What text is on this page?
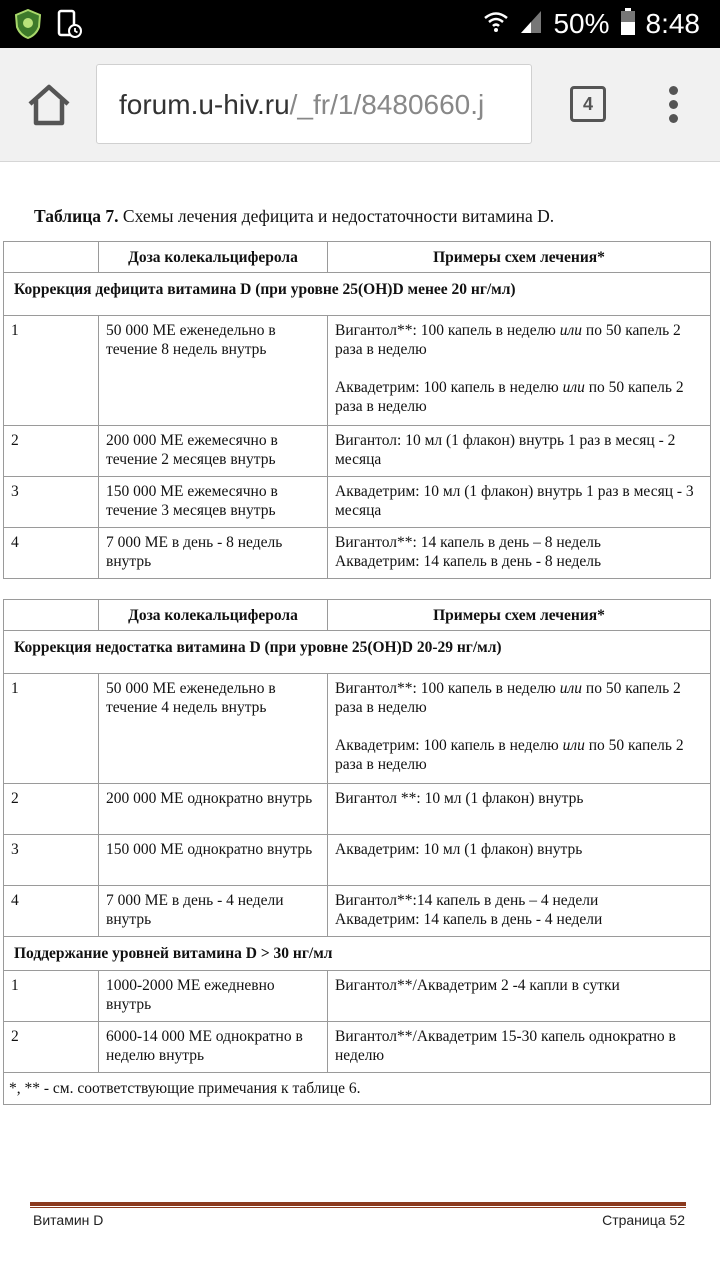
50% 8:48
forum.u-hiv.ru/_fr/1/8480660.j	4
Таблица 7. Схемы лечения дефицита и недостаточности витамина D.
	Доза колекальциферола	Примеры схем лечения*
Коррекция дефицита витамина D (при уровне 25(OH)D менее 20 нг/мл)		
1	50 000 МЕ еженедельно в течение 8 недель внутрь	Вигантол**: 100 капель в неделю или по 50 капель 2 раза в неделю
Аквадетрим: 100 капель в неделю или по 50 капель 2 раза в неделю

2	200 000 МЕ ежемесячно в течение 2 месяцев внутрь	Вигантол: 10 мл (1 флакон) внутрь 1 раз в месяц - 2 месяца
3	150 000 МЕ ежемесячно в течение 3 месяцев внутрь	Аквадетрим: 10 мл (1 флакон) внутрь 1 раз в месяц - 3 месяца
4	7 000 МЕ в день - 8 недель внутрь	Вигантол**: 14 капель в день – 8 недель
Аквадетрим: 14 капель в день - 8 недель
	Доза колекальциферола	Примеры схем лечения*
Коррекция недостатка витамина D (при уровне 25(OH)D 20-29 нг/мл)		
1	50 000 МЕ еженедельно в течение 4 недель внутрь	Вигантол**: 100 капель в неделю или по 50 капель 2 раза в неделю
Аквадетрим: 100 капель в неделю или по 50 капель 2 раза в неделю

2	200 000 МЕ однократно внутрь	Вигантол **: 10 мл (1 флакон) внутрь
3	150 000 МЕ однократно внутрь	Аквадетрим: 10 мл (1 флакон) внутрь
4	7 000 МЕ в день - 4 недели внутрь	Вигантол**:14 капель в день – 4 недели
Аквадетрим: 14 капель в день - 4 недели

Поддержание уровней витамина D > 30 нг/мл		
1	1000-2000 МЕ ежедневно внутрь	Вигантол**/Аквадетрим 2 -4 капли в сутки
2	6000-14 000 МЕ однократно в неделю внутрь	Вигантол**/Аквадетрим 15-30 капель однократно в неделю
*, ** - см. соответствующие примечания к таблице 6.		
Витамин D	Страница 52
